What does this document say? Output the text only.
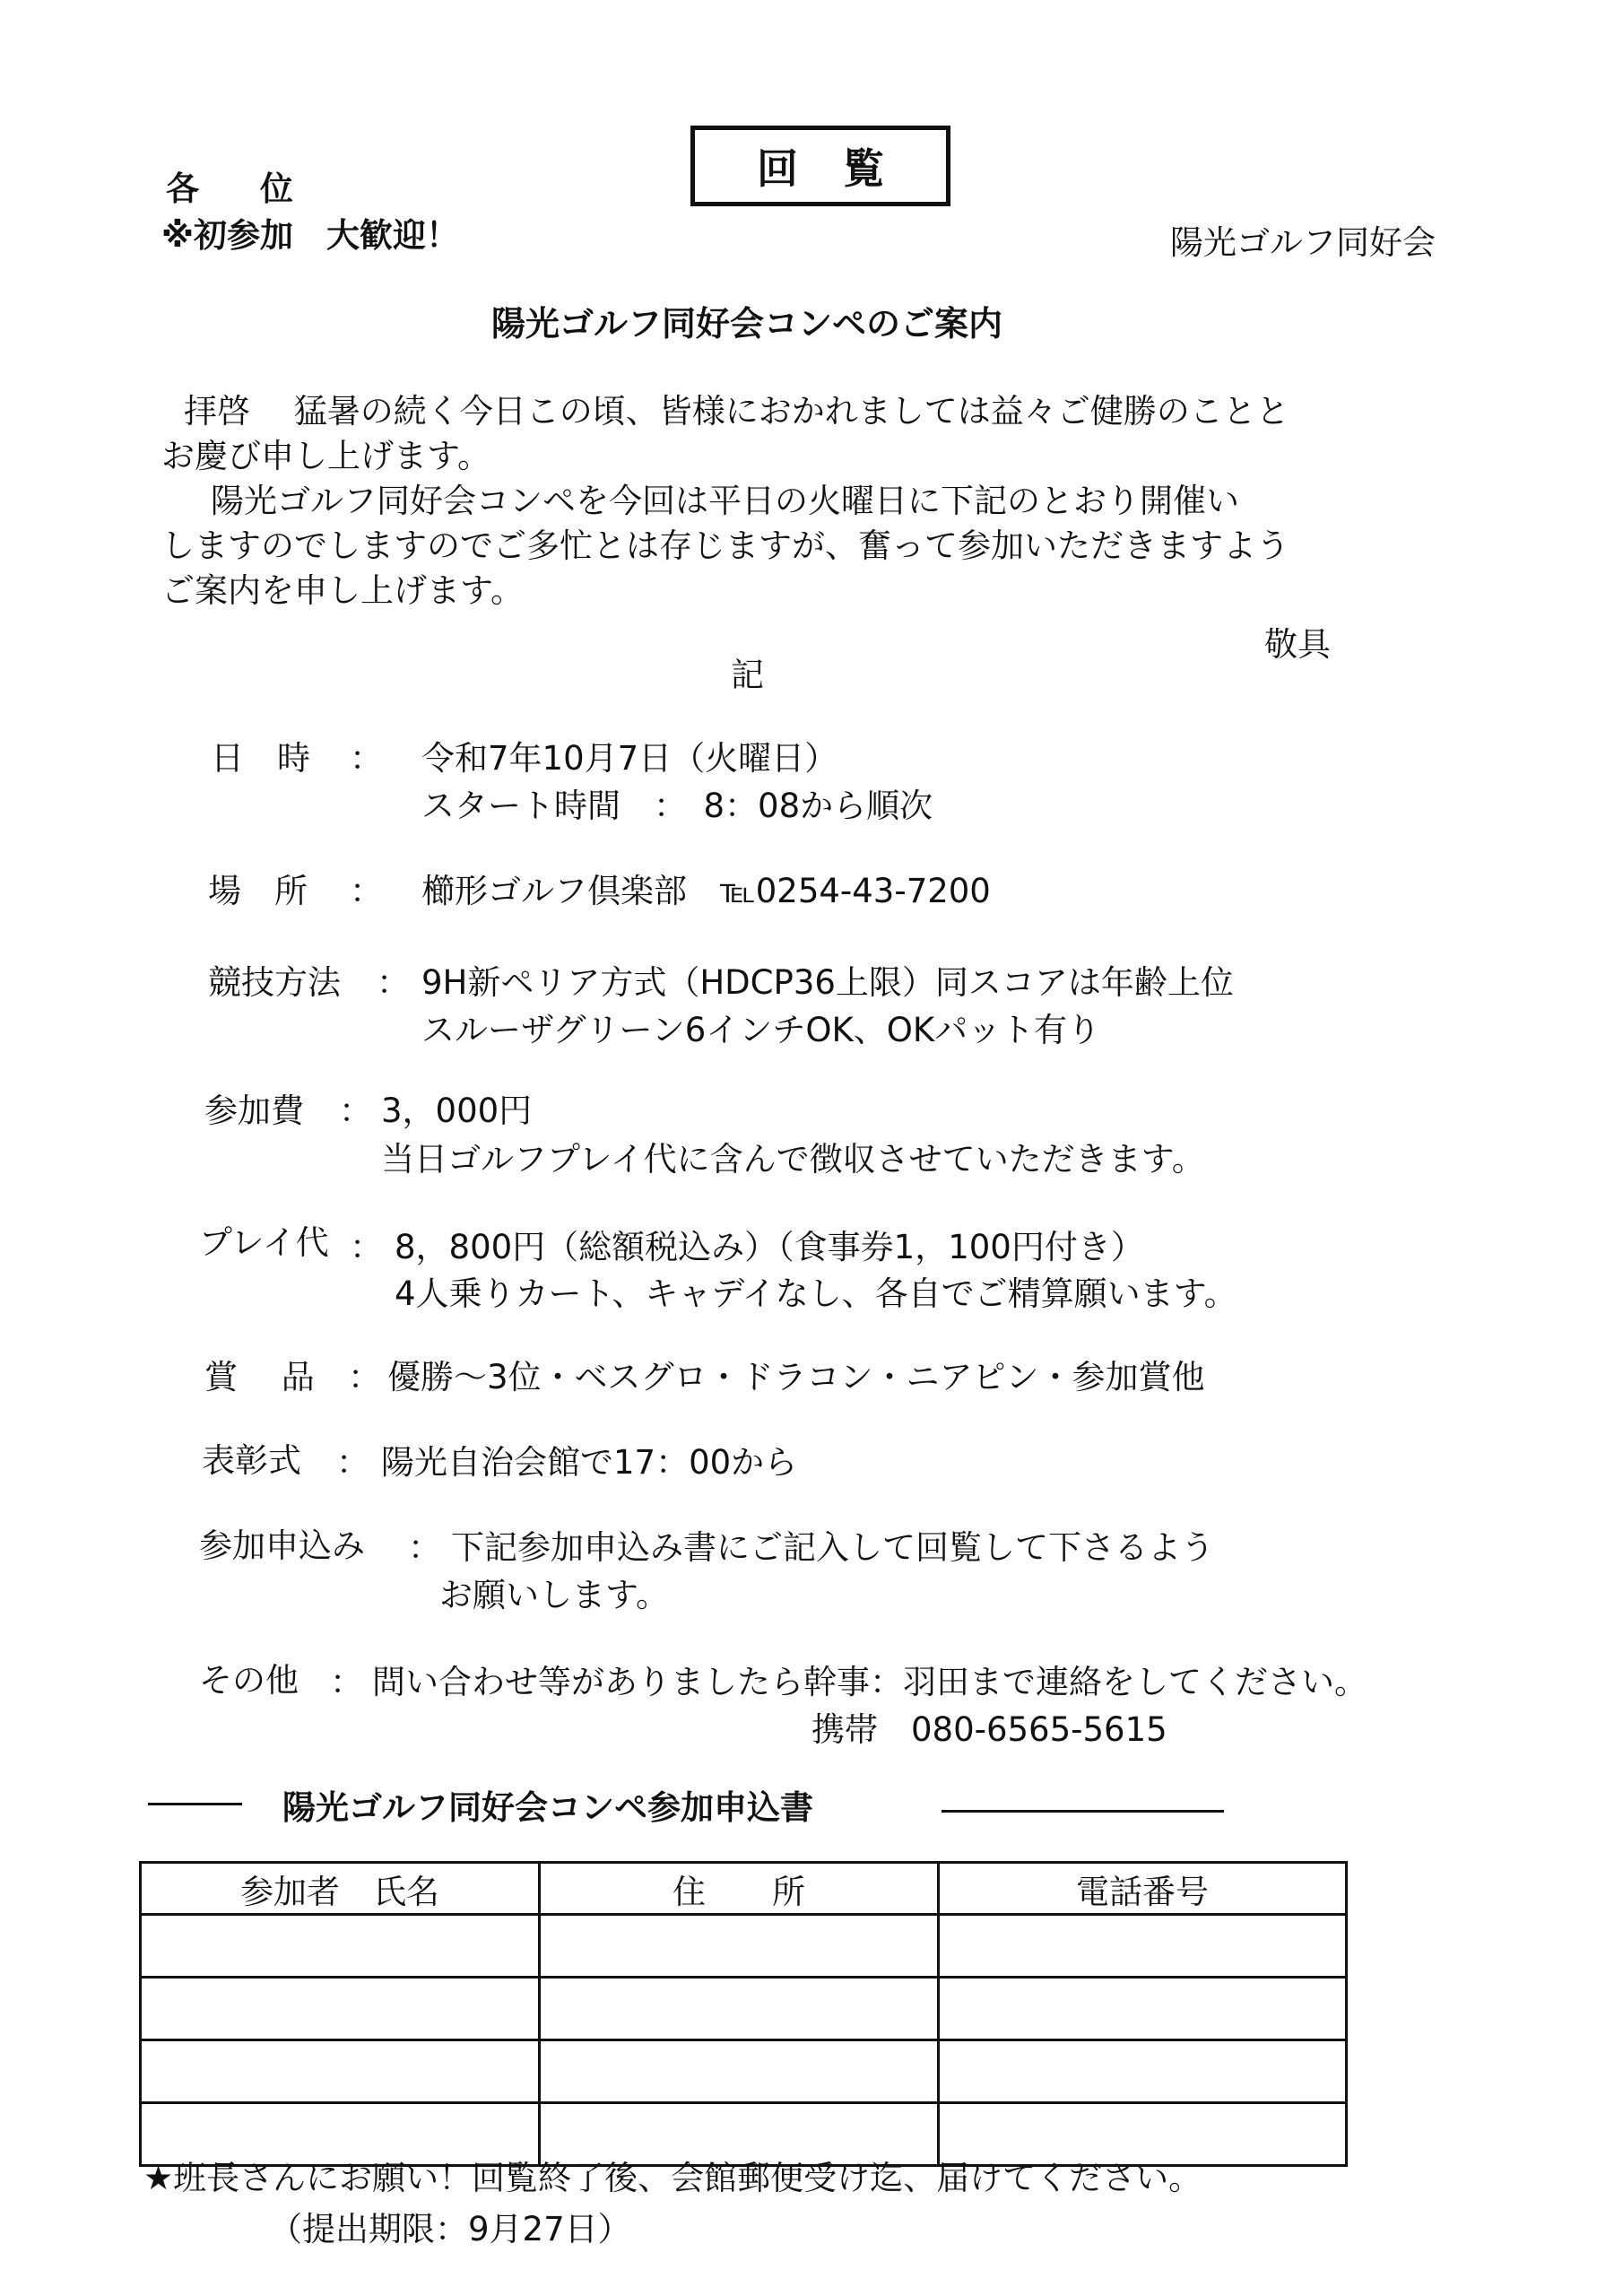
各　 位
※初参加　大歓迎！
回覧
陽光ゴルフ同好会
陽光ゴルフ同好会コンペのご案内
拝啓　 猛暑の続く今日この頃、皆様におかれましては益々ご健勝のことと
お慶び申し上げます。
陽光ゴルフ同好会コンペを今回は平日の火曜日に下記のとおり開催い
しますのでしますのでご多忙とは存じますが、奮って参加いただきますよう
ご案内を申し上げます。
敬具
記
日　時 ： 令和7年10月7日（火曜日）
スタート時間　：　8：08から順次
場　所 ： 櫛形ゴルフ倶楽部　℡0254-43-7200
競技方法 ： 9H新ペリア方式（HDCP36上限）同スコアは年齢上位
スルーザグリーン6インチOK、OKパット有り
参加費 ： 3，000円
当日ゴルフプレイ代に含んで徴収させていただきます。
プレイ代 ： 8，800円（総額税込み）（食事券1，100円付き）
4人乗りカート、キャデイなし、各自でご精算願います。
賞　 品 ： 優勝～3位・ベスグロ・ドラコン・ニアピン・参加賞他
表彰式 ： 陽光自治会館で17：00から
参加申込み ： 下記参加申込み書にご記入して回覧して下さるよう
お願いします。
その他 ： 問い合わせ等がありましたら幹事：羽田まで連絡をしてください。
携帯　080-6565-5615
陽光ゴルフ同好会コンペ参加申込書
参加者　氏名	住　　所	電話番号

★班長さんにお願い！回覧終了後、会館郵便受け迄、届けてください。
（提出期限：9月27日）
